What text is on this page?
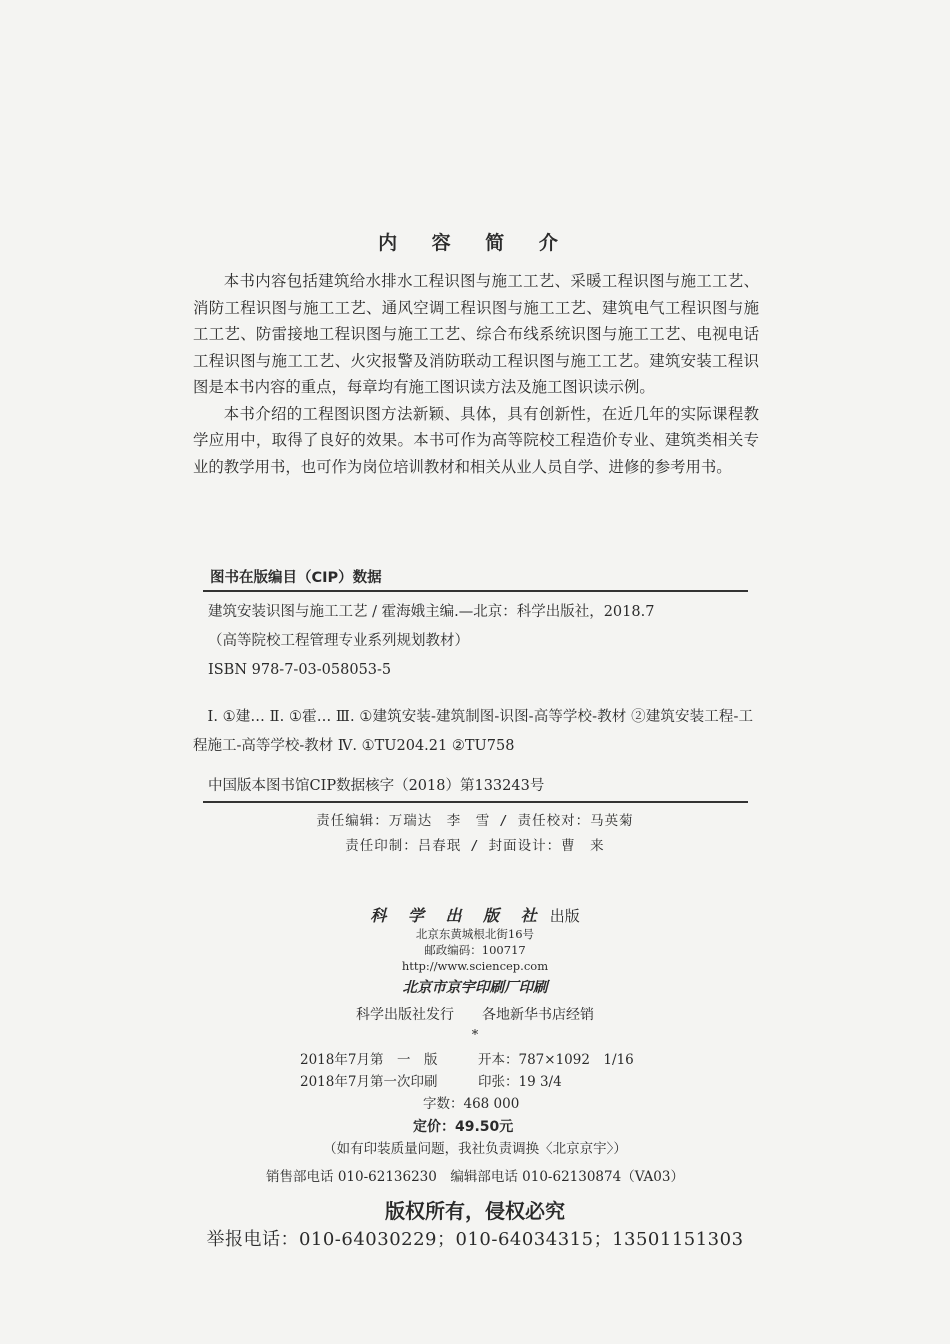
内 容 简 介

本书内容包括建筑给水排水工程识图与施工工艺、采暖工程识图与施工工艺、消防工程识图与施工工艺、通风空调工程识图与施工工艺、建筑电气工程识图与施工工艺、防雷接地工程识图与施工工艺、综合布线系统识图与施工工艺、电视电话工程识图与施工工艺、火灾报警及消防联动工程识图与施工工艺。建筑安装工程识图是本书内容的重点，每章均有施工图识读方法及施工图识读示例。

本书介绍的工程图识图方法新颖、具体，具有创新性，在近几年的实际课程教学应用中，取得了良好的效果。本书可作为高等院校工程造价专业、建筑类相关专业的教学用书，也可作为岗位培训教材和相关从业人员自学、进修的参考用书。

图书在版编目（CIP）数据
建筑安装识图与施工工艺 / 霍海娥主编.—北京：科学出版社，2018.7
（高等院校工程管理专业系列规划教材）
ISBN 978-7-03-058053-5
Ⅰ. ①建… Ⅱ. ①霍… Ⅲ. ①建筑安装-建筑制图-识图-高等学校-教材 ②建筑安装工程-工程施工-高等学校-教材 Ⅳ. ①TU204.21 ②TU758
中国版本图书馆CIP数据核字（2018）第133243号
责任编辑：万瑞达　李　雪 / 责任校对：马英菊
责任印制：吕春珉 / 封面设计：曹　来
科 学 出 版 社 出版
北京东黄城根北街16号
邮政编码：100717
http://www.sciencep.com
北京市京宇印刷厂印刷
科学出版社发行　　各地新华书店经销
*
2018年7月第　一　版	开本：787×1092　1/16
2018年7月第一次印刷	印张：19 3/4
字数：468 000
定价：49.50元
（如有印装质量问题，我社负责调换〈北京京宇〉）
销售部电话 010-62136230　编辑部电话 010-62130874（VA03）
版权所有，侵权必究
举报电话：010-64030229；010-64034315；13501151303
